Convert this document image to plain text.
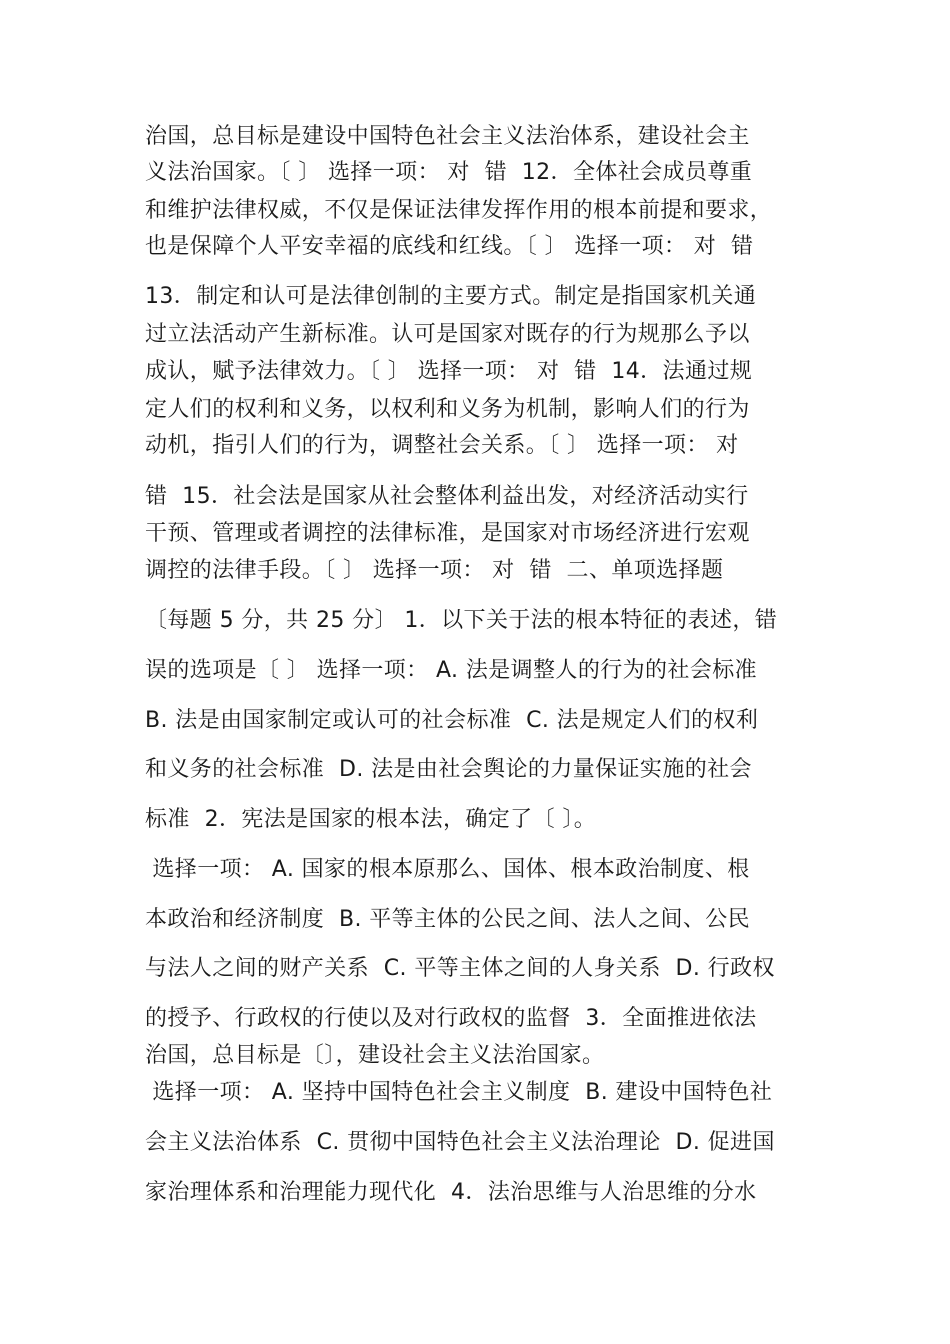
治国，总目标是建设中国特色社会主义法治体系，建设社会主
义法治国家。〔 〕 选择一项： 对  错  12．全体社会成员尊重
和维护法律权威，不仅是保证法律发挥作用的根本前提和要求，
也是保障个人平安幸福的底线和红线。〔 〕 选择一项： 对  错
13．制定和认可是法律创制的主要方式。制定是指国家机关通
过立法活动产生新标准。认可是国家对既存的行为规那么予以
成认，赋予法律效力。〔 〕 选择一项： 对  错  14．法通过规
定人们的权利和义务，以权利和义务为机制，影响人们的行为
动机，指引人们的行为，调整社会关系。〔 〕 选择一项： 对
错  15．社会法是国家从社会整体利益出发，对经济活动实行
干预、管理或者调控的法律标准，是国家对市场经济进行宏观
调控的法律手段。〔 〕 选择一项： 对  错  二、单项选择题
〔每题 5 分，共 25 分〕 1．以下关于法的根本特征的表述，错
误的选项是〔 〕 选择一项： A. 法是调整人的行为的社会标准
B. 法是由国家制定或认可的社会标准  C. 法是规定人们的权利
和义务的社会标准  D. 法是由社会舆论的力量保证实施的社会
标准  2．宪法是国家的根本法，确定了〔 〕。
选择一项： A. 国家的根本原那么、国体、根本政治制度、根
本政治和经济制度  B. 平等主体的公民之间、法人之间、公民
与法人之间的财产关系  C. 平等主体之间的人身关系  D. 行政权
的授予、行政权的行使以及对行政权的监督  3．全面推进依法
治国，总目标是〔〕，建设社会主义法治国家。
选择一项： A. 坚持中国特色社会主义制度  B. 建设中国特色社
会主义法治体系  C. 贯彻中国特色社会主义法治理论  D. 促进国
家治理体系和治理能力现代化  4．法治思维与人治思维的分水
